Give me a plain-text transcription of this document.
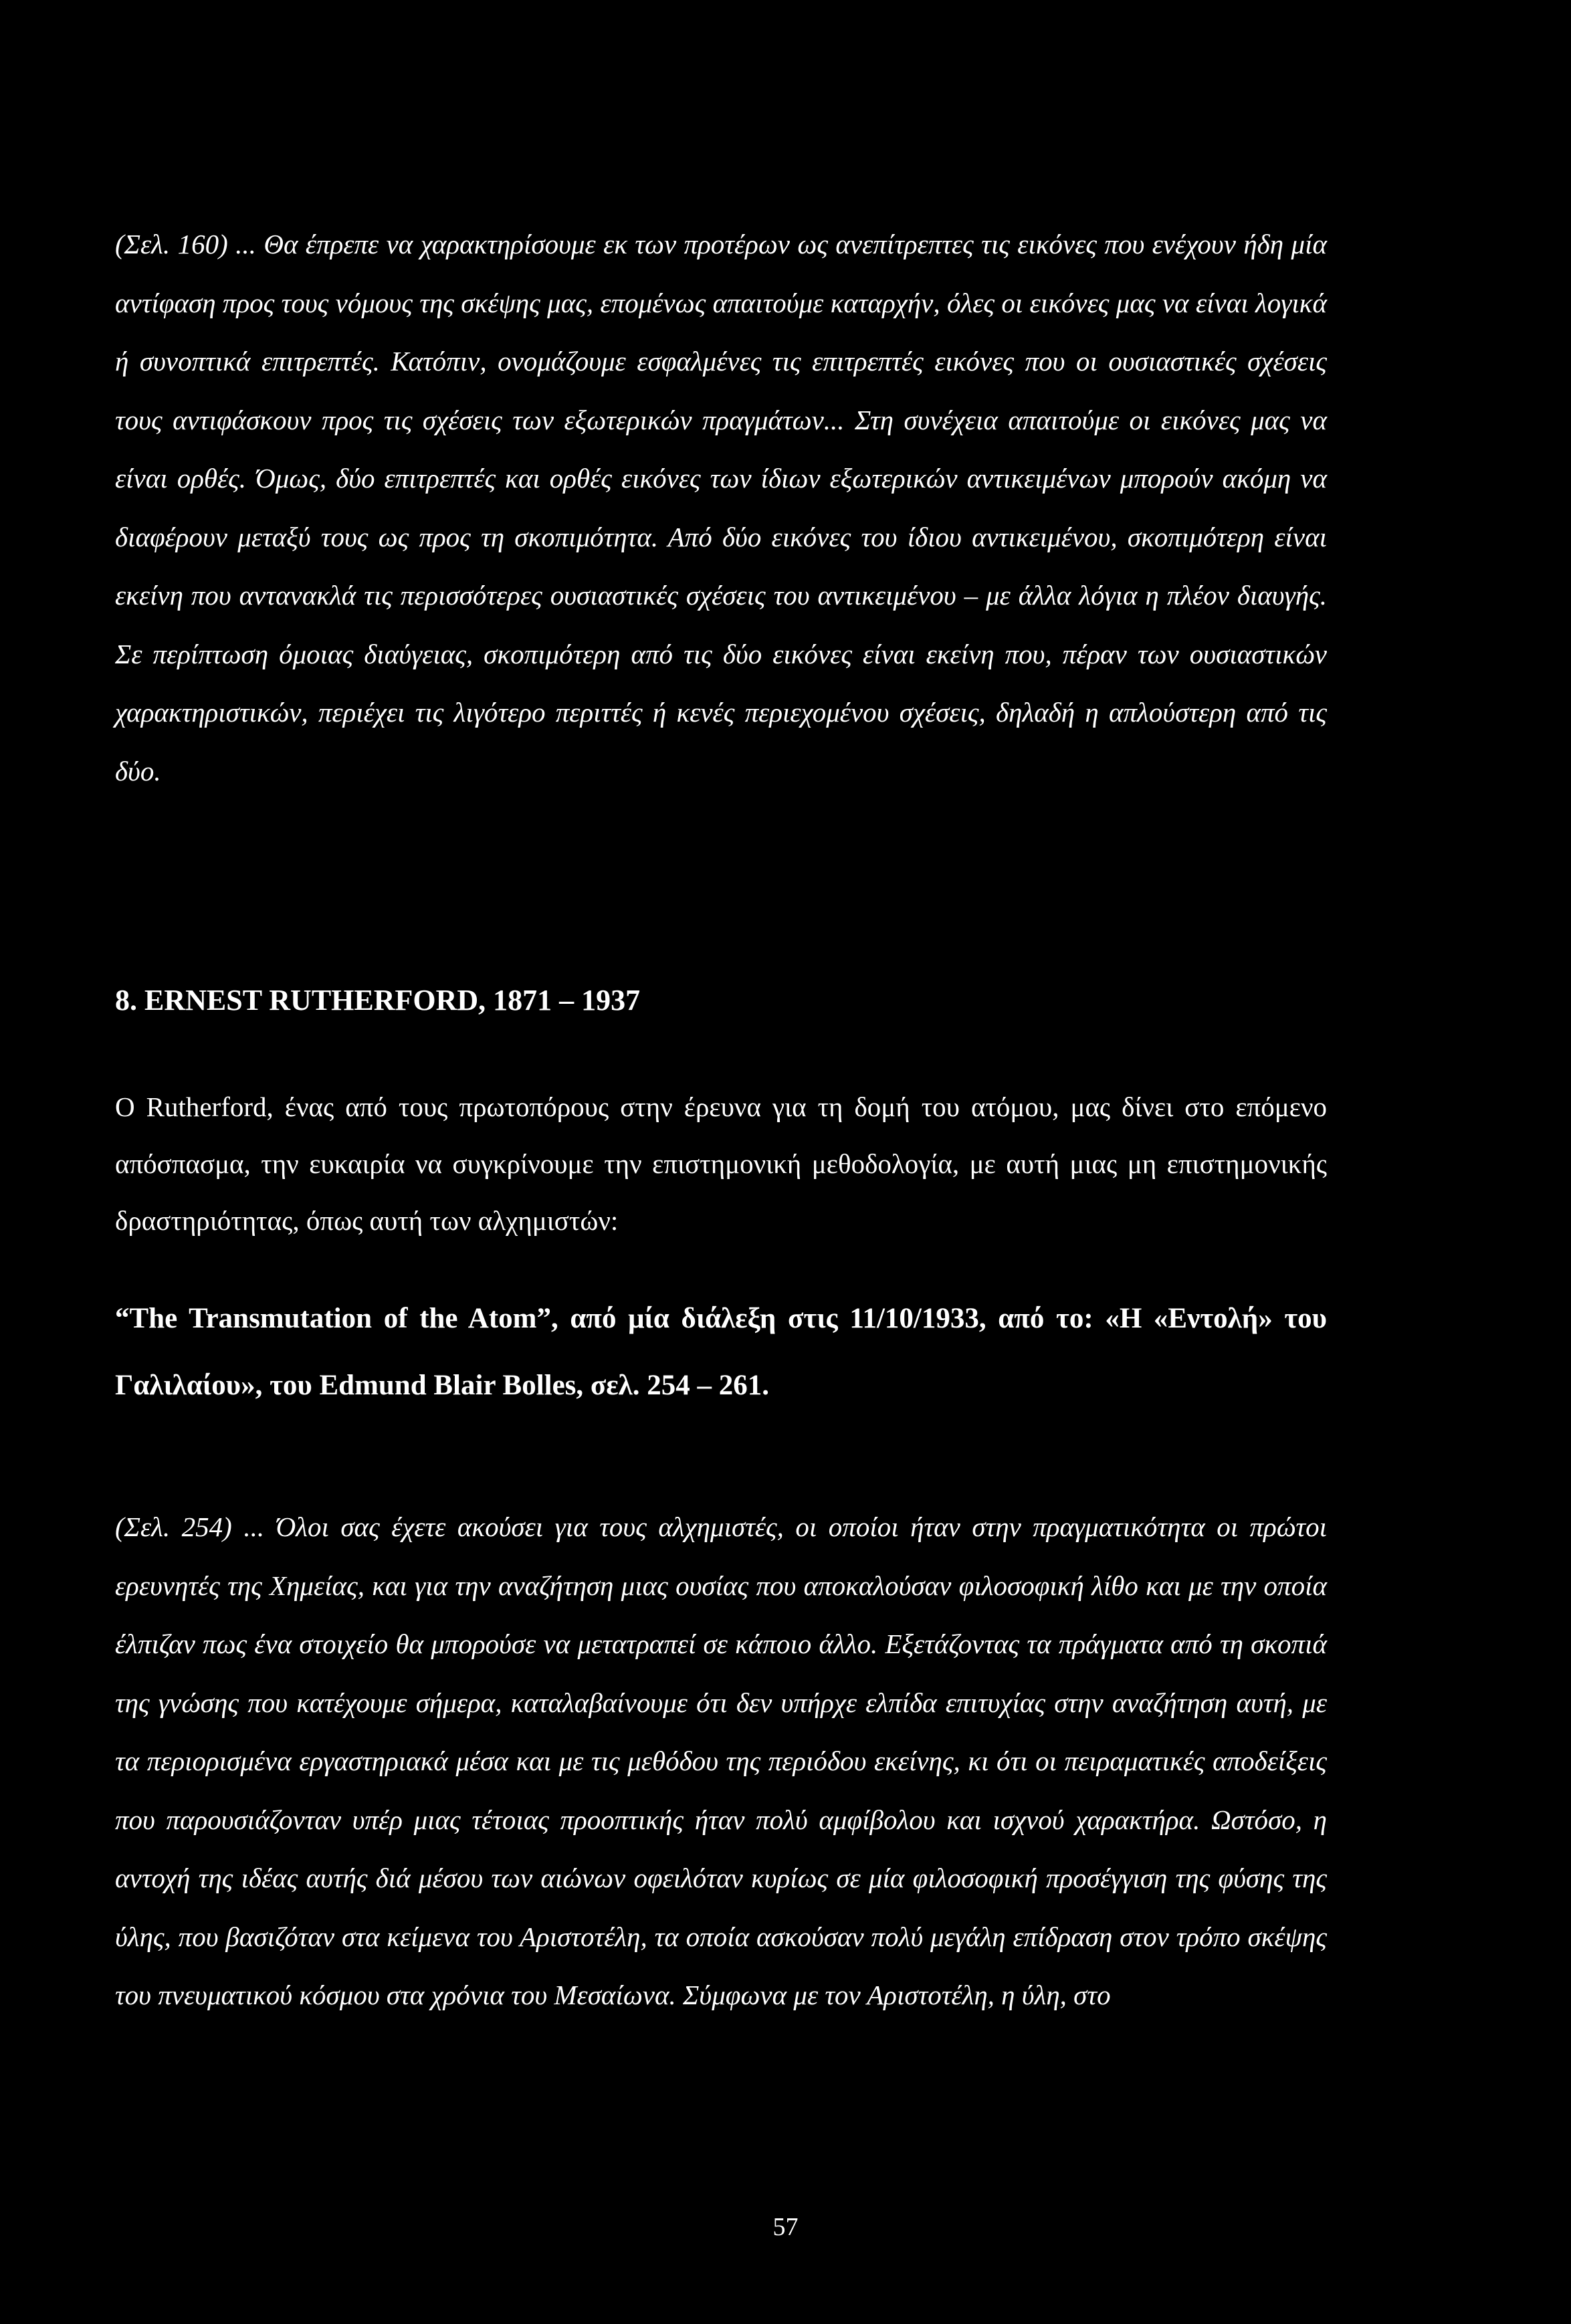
(Σελ. 160) ... Θα έπρεπε να χαρακτηρίσουμε εκ των προτέρων ως ανεπίτρεπτες τις εικόνες που ενέχουν ήδη μία αντίφαση προς τους νόμους της σκέψης μας, επομένως απαιτούμε καταρχήν, όλες οι εικόνες μας να είναι λογικά ή συνοπτικά επιτρεπτές. Κατόπιν, ονομάζουμε εσφαλμένες τις επιτρεπτές εικόνες που οι ουσιαστικές σχέσεις τους αντιφάσκουν προς τις σχέσεις των εξωτερικών πραγμάτων... Στη συνέχεια απαιτούμε οι εικόνες μας να είναι ορθές. Όμως, δύο επιτρεπτές και ορθές εικόνες των ίδιων εξωτερικών αντικειμένων μπορούν ακόμη να διαφέρουν μεταξύ τους ως προς τη σκοπιμότητα. Από δύο εικόνες του ίδιου αντικειμένου, σκοπιμότερη είναι εκείνη που αντανακλά τις περισσότερες ουσιαστικές σχέσεις του αντικειμένου – με άλλα λόγια η πλέον διαυγής. Σε περίπτωση όμοιας διαύγειας, σκοπιμότερη από τις δύο εικόνες είναι εκείνη που, πέραν των ουσιαστικών χαρακτηριστικών, περιέχει τις λιγότερο περιττές ή κενές περιεχομένου σχέσεις, δηλαδή η απλούστερη από τις δύο.

8. ERNEST RUTHERFORD, 1871 – 1937

Ο Rutherford, ένας από τους πρωτοπόρους στην έρευνα για τη δομή του ατόμου, μας δίνει στο επόμενο απόσπασμα, την ευκαιρία να συγκρίνουμε την επιστημονική μεθοδολογία, με αυτή μιας μη επιστημονικής δραστηριότητας, όπως αυτή των αλχημιστών:

“The Transmutation of the Atom”, από μία διάλεξη στις 11/10/1933, από το: «Η «Εντολή» του Γαλιλαίου», του Edmund Blair Bolles, σελ. 254 – 261.

(Σελ. 254) ... Όλοι σας έχετε ακούσει για τους αλχημιστές, οι οποίοι ήταν στην πραγματικότητα οι πρώτοι ερευνητές της Χημείας, και για την αναζήτηση μιας ουσίας που αποκαλούσαν φιλοσοφική λίθο και με την οποία έλπιζαν πως ένα στοιχείο θα μπορούσε να μετατραπεί σε κάποιο άλλο. Εξετάζοντας τα πράγματα από τη σκοπιά της γνώσης που κατέχουμε σήμερα, καταλαβαίνουμε ότι δεν υπήρχε ελπίδα επιτυχίας στην αναζήτηση αυτή, με τα περιορισμένα εργαστηριακά μέσα και με τις μεθόδου της περιόδου εκείνης, κι ότι οι πειραματικές αποδείξεις που παρουσιάζονταν υπέρ μιας τέτοιας προοπτικής ήταν πολύ αμφίβολου και ισχνού χαρακτήρα. Ωστόσο, η αντοχή της ιδέας αυτής διά μέσου των αιώνων οφειλόταν κυρίως σε μία φιλοσοφική προσέγγιση της φύσης της ύλης, που βασιζόταν στα κείμενα του Αριστοτέλη, τα οποία ασκούσαν πολύ μεγάλη επίδραση στον τρόπο σκέψης του πνευματικού κόσμου στα χρόνια του Μεσαίωνα. Σύμφωνα με τον Αριστοτέλη, η ύλη, στο

57
